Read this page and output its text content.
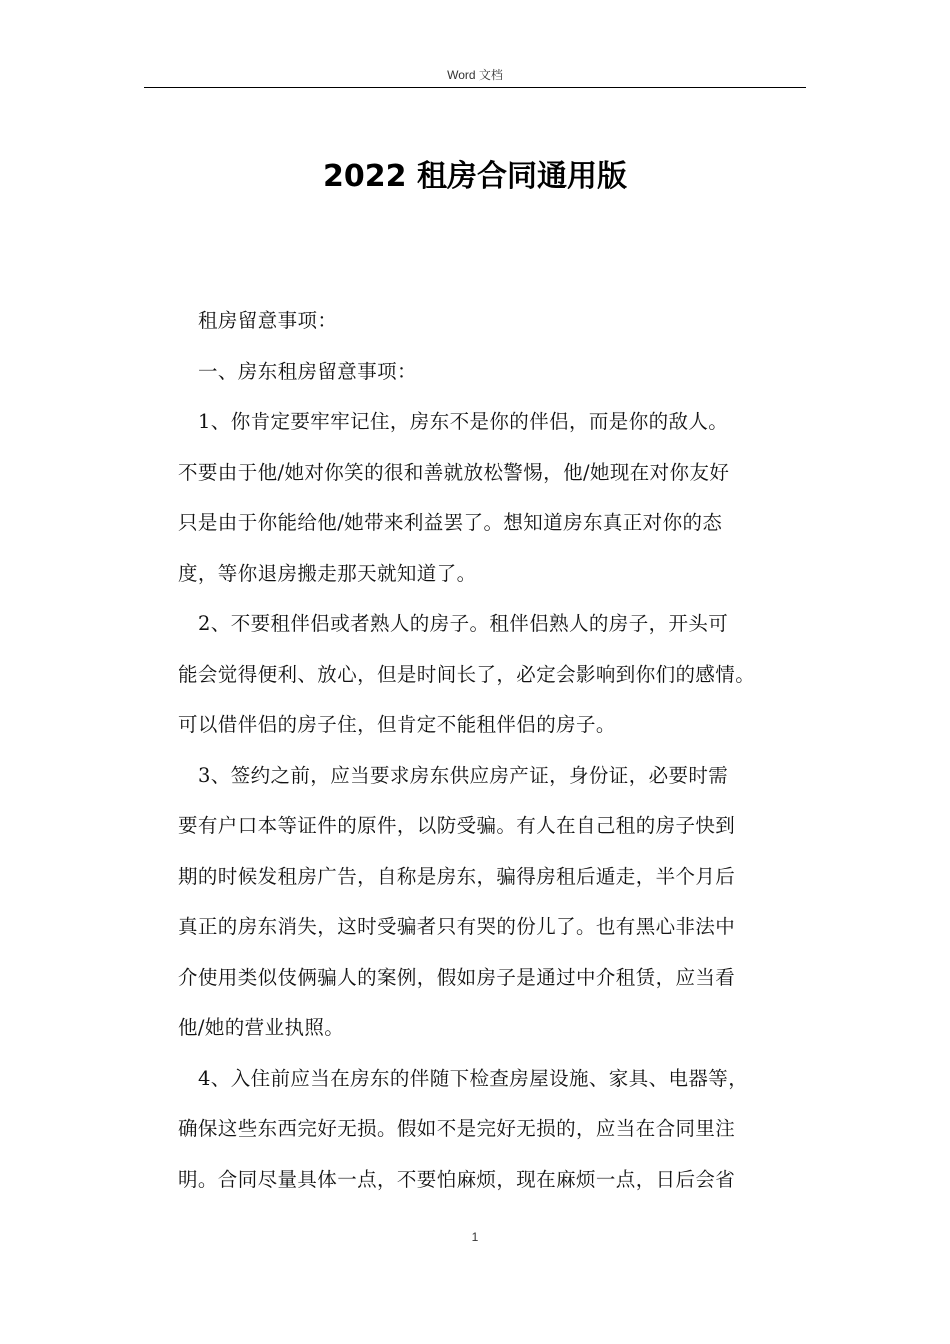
Word 文档
2022 租房合同通用版
租房留意事项：
一、房东租房留意事项：
1、你肯定要牢牢记住，房东不是你的伴侣，而是你的敌人。
不要由于他/她对你笑的很和善就放松警惕，他/她现在对你友好
只是由于你能给他/她带来利益罢了。想知道房东真正对你的态
度，等你退房搬走那天就知道了。
2、不要租伴侣或者熟人的房子。租伴侣熟人的房子，开头可
能会觉得便利、放心，但是时间长了，必定会影响到你们的感情。
可以借伴侣的房子住，但肯定不能租伴侣的房子。
3、签约之前，应当要求房东供应房产证，身份证，必要时需
要有户口本等证件的原件，以防受骗。有人在自己租的房子快到
期的时候发租房广告，自称是房东，骗得房租后遁走，半个月后
真正的房东消失，这时受骗者只有哭的份儿了。也有黑心非法中
介使用类似伎俩骗人的案例，假如房子是通过中介租赁，应当看
他/她的营业执照。
4、入住前应当在房东的伴随下检查房屋设施、家具、电器等，
确保这些东西完好无损。假如不是完好无损的，应当在合同里注
明。合同尽量具体一点，不要怕麻烦，现在麻烦一点，日后会省
1
